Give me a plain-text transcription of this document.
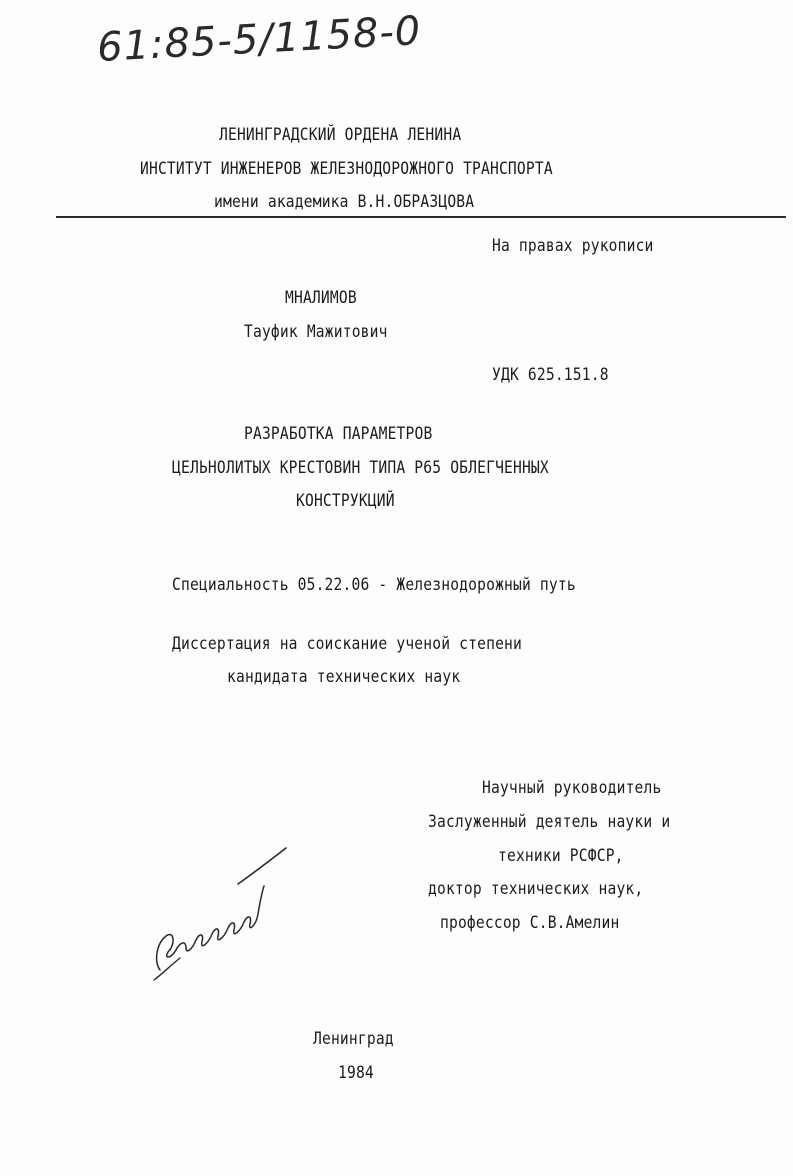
61:85-5/1158-0
ЛЕНИНГРАДСКИЙ ОРДЕНА ЛЕНИНА
ИНСТИТУТ ИНЖЕНЕРОВ ЖЕЛЕЗНОДОРОЖНОГО ТРАНСПОРТА
имени академика В.Н.ОБРАЗЦОВА
На правах рукописи
МНАЛИМОВ
Тауфик Мажитович
УДК 625.151.8
РАЗРАБОТКА ПАРАМЕТРОВ
ЦЕЛЬНОЛИТЫХ КРЕСТОВИН ТИПА Р65 ОБЛЕГЧЕННЫХ
КОНСТРУКЦИЙ
Специальность 05.22.06 - Железнодорожный путь
Диссертация на соискание ученой степени
кандидата технических наук
Научный руководитель
Заслуженный деятель науки и
техники РСФСР,
доктор технических наук,
профессор С.В.Амелин
Ленинград
1984
